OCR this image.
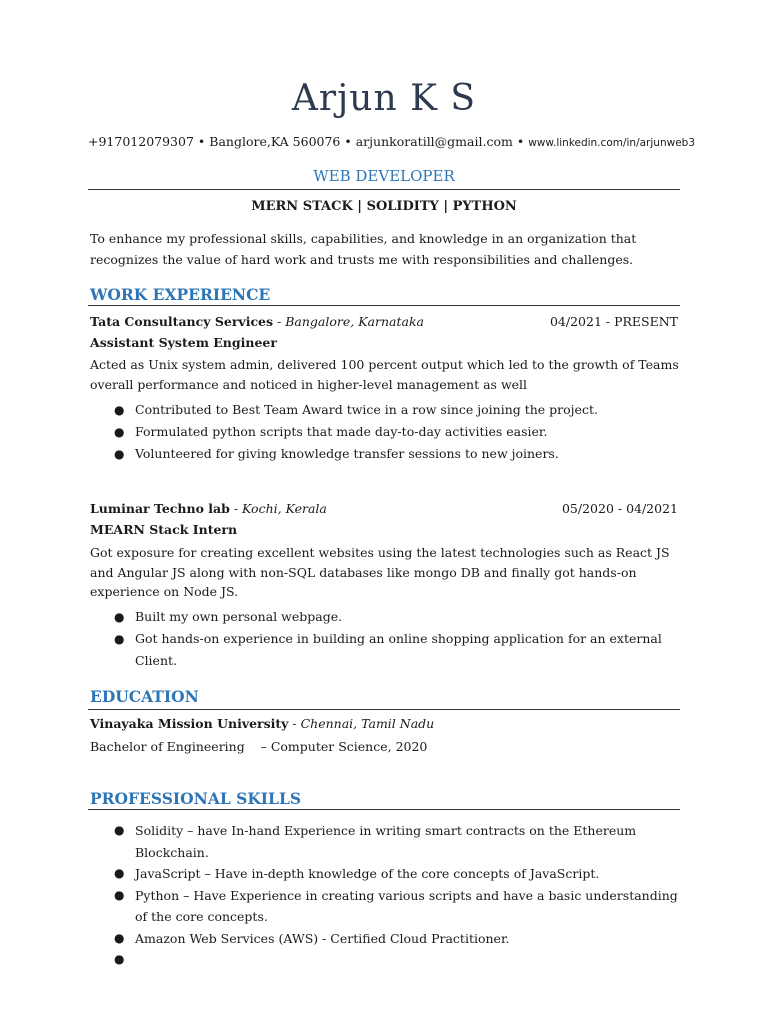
Arjun K S
+917012079307 • Banglore,KA 560076 • arjunkoratill@gmail.com • www.linkedin.com/in/arjunweb3
WEB DEVELOPER
MERN STACK | SOLIDITY | PYTHON
To enhance my professional skills, capabilities, and knowledge in an organization that recognizes the value of hard work and trusts me with responsibilities and challenges.
WORK EXPERIENCE
Tata Consultancy Services - Bangalore, Karnataka	04/2021 - PRESENT
Assistant System Engineer
Acted as Unix system admin, delivered 100 percent output which led to the growth of Teams overall performance and noticed in higher-level management as well
● Contributed to Best Team Award twice in a row since joining the project.
● Formulated python scripts that made day-to-day activities easier.
● Volunteered for giving knowledge transfer sessions to new joiners.
Luminar Techno lab - Kochi, Kerala	05/2020 - 04/2021
MEARN Stack Intern
Got exposure for creating excellent websites using the latest technologies such as React JS and Angular JS along with non-SQL databases like mongo DB and finally got hands-on experience on Node JS.
● Built my own personal webpage.
● Got hands-on experience in building an online shopping application for an external Client.
EDUCATION
Vinayaka Mission University - Chennai, Tamil Nadu
Bachelor of Engineering    – Computer Science, 2020
PROFESSIONAL SKILLS
● Solidity – have In-hand Experience in writing smart contracts on the Ethereum Blockchain.
● JavaScript – Have in-depth knowledge of the core concepts of JavaScript.
● Python – Have Experience in creating various scripts and have a basic understanding of the core concepts.
● Amazon Web Services (AWS) - Certified Cloud Practitioner.
●
